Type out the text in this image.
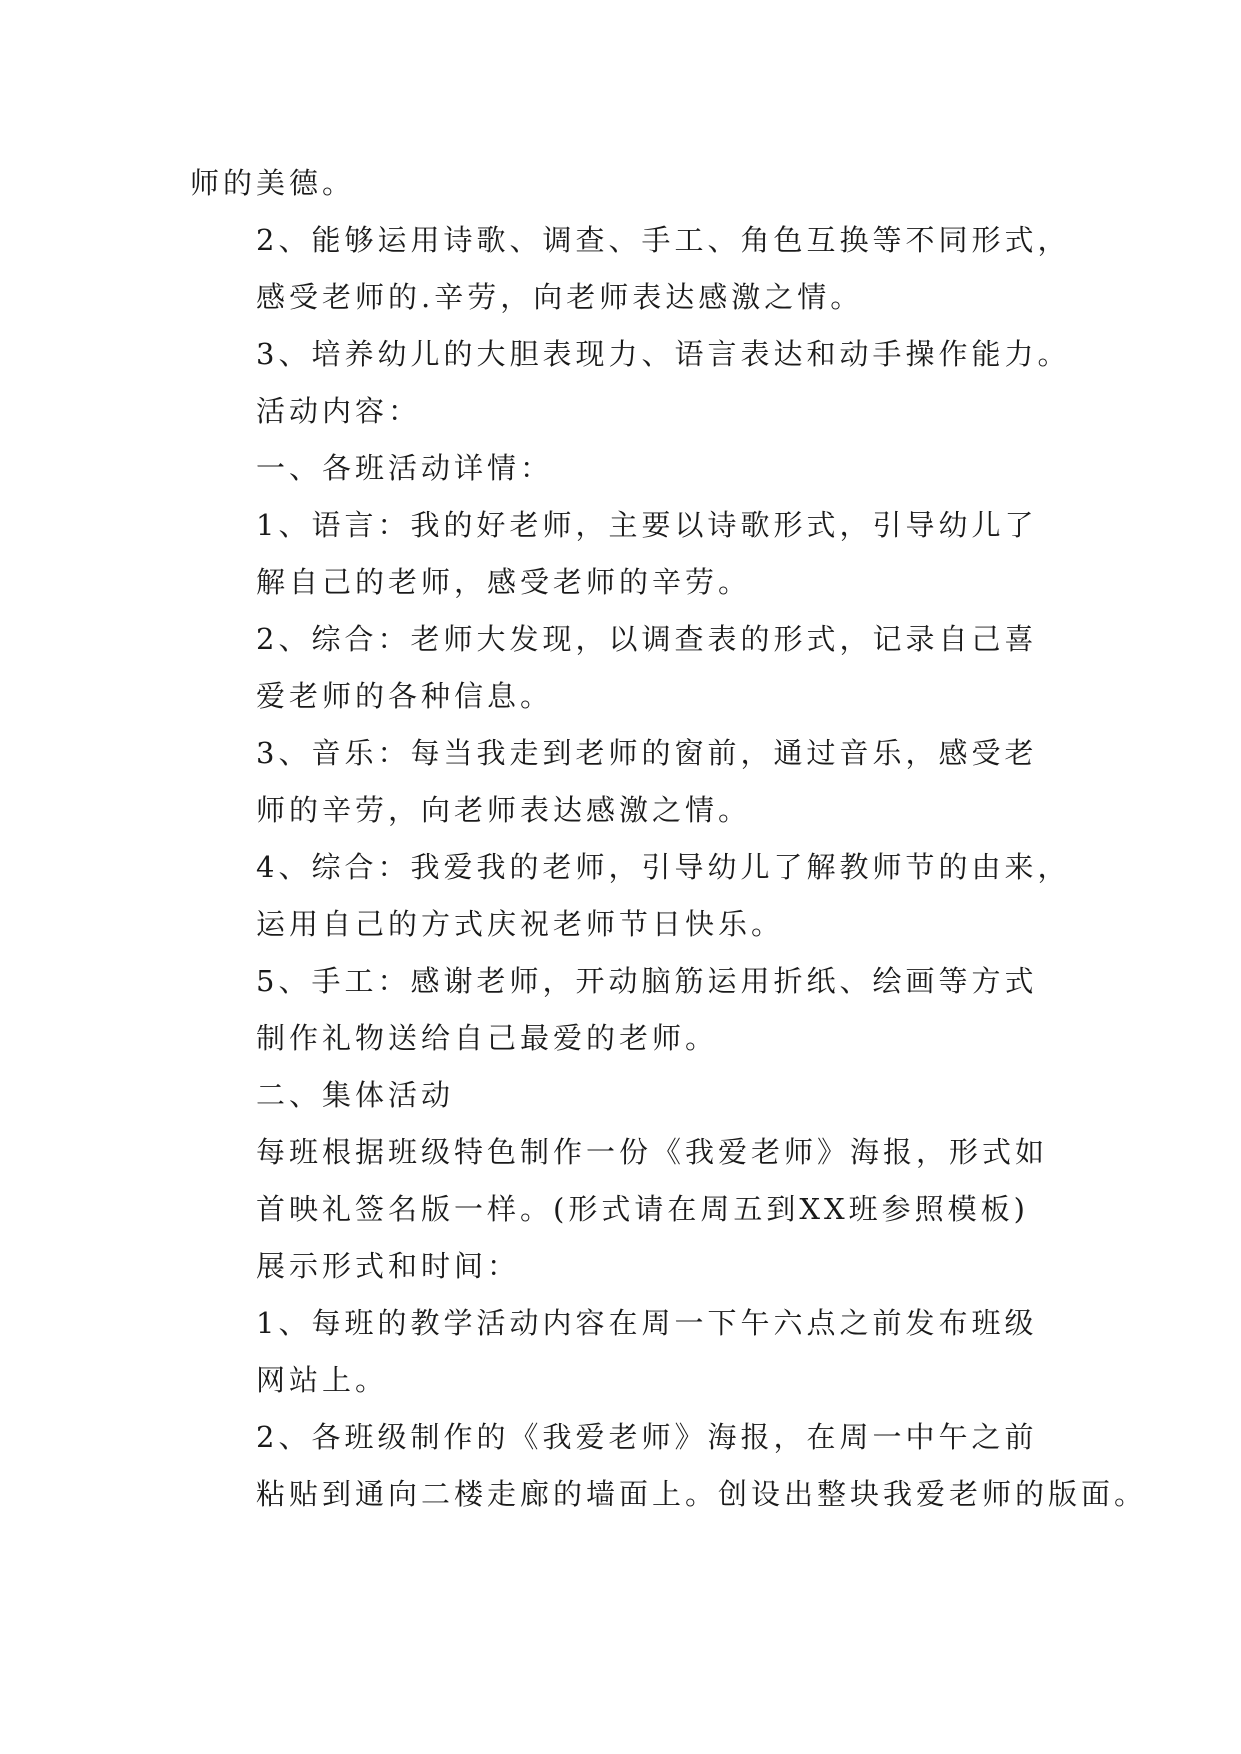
师的美德。

2、能够运用诗歌、调查、手工、角色互换等不同形式，
感受老师的.辛劳，向老师表达感激之情。

3、培养幼儿的大胆表现力、语言表达和动手操作能力。

活动内容：

一、各班活动详情：

1、语言：我的好老师，主要以诗歌形式，引导幼儿了
解自己的老师，感受老师的辛劳。

2、综合：老师大发现，以调查表的形式，记录自己喜
爱老师的各种信息。

3、音乐：每当我走到老师的窗前，通过音乐，感受老
师的辛劳，向老师表达感激之情。

4、综合：我爱我的老师，引导幼儿了解教师节的由来，
运用自己的方式庆祝老师节日快乐。

5、手工：感谢老师，开动脑筋运用折纸、绘画等方式
制作礼物送给自己最爱的老师。

二、集体活动

每班根据班级特色制作一份《我爱老师》海报，形式如
首映礼签名版一样。(形式请在周五到XX班参照模板)

展示形式和时间：

1、每班的教学活动内容在周一下午六点之前发布班级
网站上。

2、各班级制作的《我爱老师》海报，在周一中午之前
粘贴到通向二楼走廊的墙面上。创设出整块我爱老师的版面。
